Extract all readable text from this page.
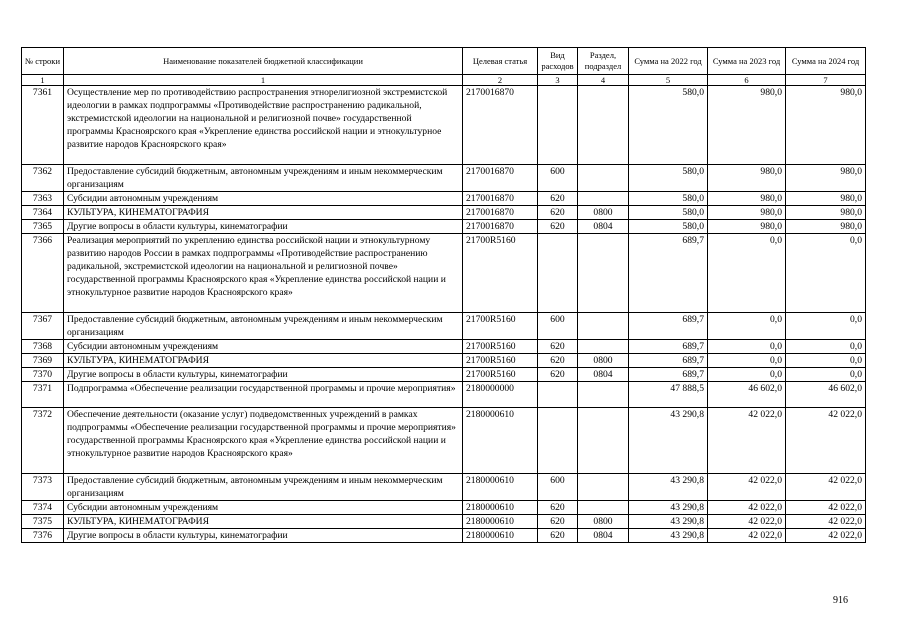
№ строки	Наименование показателей бюджетной классификации	Целевая статья	Вид расходов	Раздел, подраздел	Сумма на 2022 год	Сумма на 2023 год	Сумма на 2024 год
1	1	2	3	4	5	6	7
7361	Осуществление мер по противодействию распространения этнорелигиозной экстремистской идеологии в рамках подпрограммы «Противодействие распространению радикальной, экстремистской идеологии на национальной и религиозной почве» государственной программы Красноярского края «Укрепление единства российской нации и этнокультурное развитие народов Красноярского края»	2170016870			580,0	980,0	980,0
7362	Предоставление субсидий бюджетным, автономным учреждениям и иным некоммерческим организациям	2170016870	600		580,0	980,0	980,0
7363	Субсидии автономным учреждениям	2170016870	620		580,0	980,0	980,0
7364	КУЛЬТУРА, КИНЕМАТОГРАФИЯ	2170016870	620	0800	580,0	980,0	980,0
7365	Другие вопросы в области культуры, кинематографии	2170016870	620	0804	580,0	980,0	980,0
7366	Реализация мероприятий по укреплению единства российской нации и этнокультурному развитию народов России в рамках подпрограммы «Противодействие распространению радикальной, экстремистской идеологии на национальной и религиозной почве» государственной программы Красноярского края «Укрепление единства российской нации и этнокультурное развитие народов Красноярского края»	21700R5160			689,7	0,0	0,0
7367	Предоставление субсидий бюджетным, автономным учреждениям и иным некоммерческим организациям	21700R5160	600		689,7	0,0	0,0
7368	Субсидии автономным учреждениям	21700R5160	620		689,7	0,0	0,0
7369	КУЛЬТУРА, КИНЕМАТОГРАФИЯ	21700R5160	620	0800	689,7	0,0	0,0
7370	Другие вопросы в области культуры, кинематографии	21700R5160	620	0804	689,7	0,0	0,0
7371	Подпрограмма «Обеспечение реализации государственной программы и прочие мероприятия»	2180000000			47 888,5	46 602,0	46 602,0
7372	Обеспечение деятельности (оказание услуг) подведомственных учреждений в рамках подпрограммы «Обеспечение реализации государственной программы и прочие мероприятия» государственной программы Красноярского края «Укрепление единства российской нации и этнокультурное развитие народов Красноярского края»	2180000610			43 290,8	42 022,0	42 022,0
7373	Предоставление субсидий бюджетным, автономным учреждениям и иным некоммерческим организациям	2180000610	600		43 290,8	42 022,0	42 022,0
7374	Субсидии автономным учреждениям	2180000610	620		43 290,8	42 022,0	42 022,0
7375	КУЛЬТУРА, КИНЕМАТОГРАФИЯ	2180000610	620	0800	43 290,8	42 022,0	42 022,0
7376	Другие вопросы в области культуры, кинематографии	2180000610	620	0804	43 290,8	42 022,0	42 022,0
916
